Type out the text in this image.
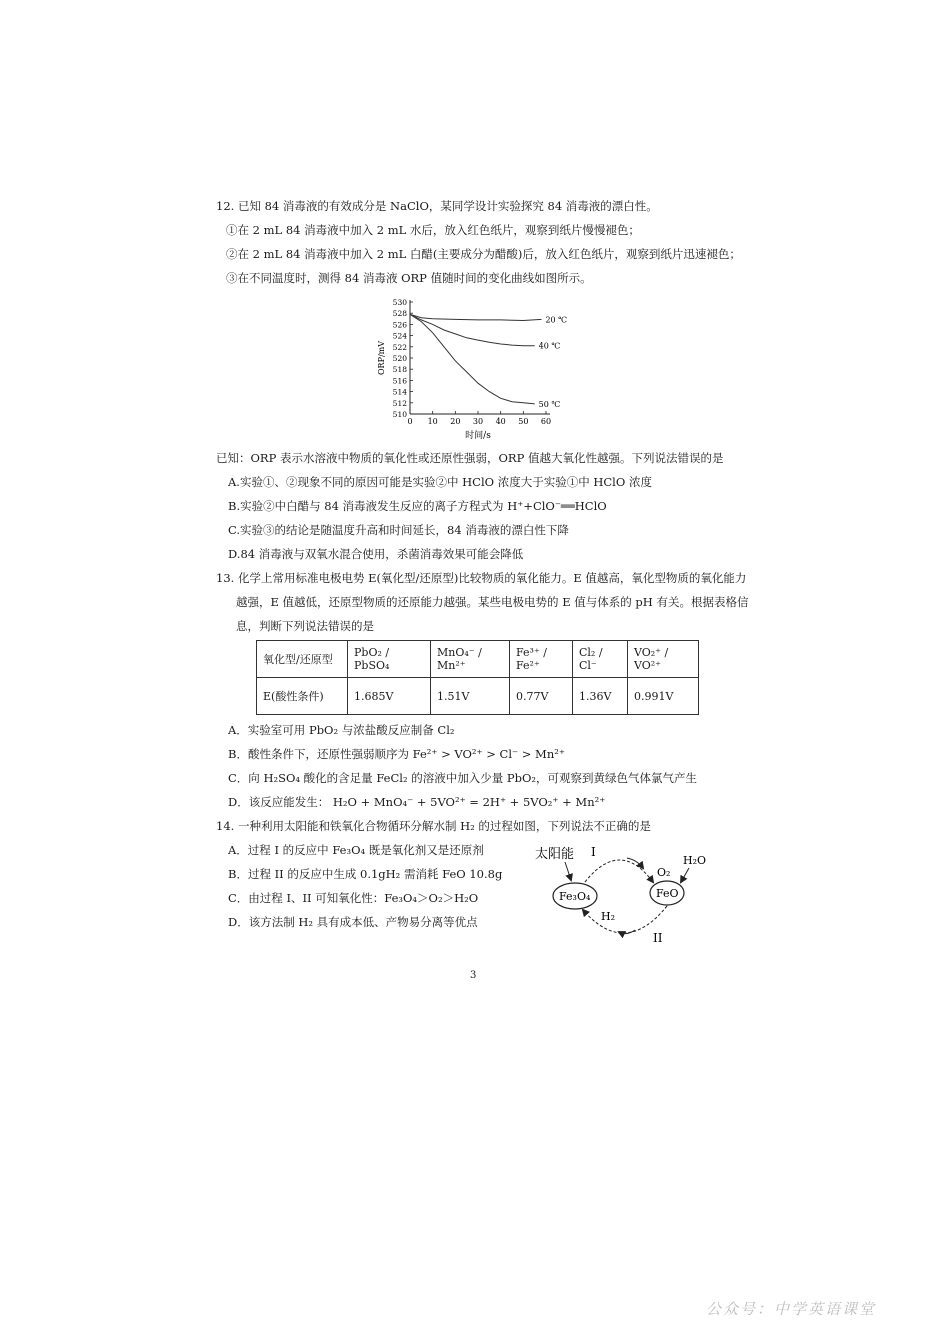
12. 已知 84 消毒液的有效成分是 NaClO，某同学设计实验探究 84 消毒液的漂白性。
①在 2 mL 84 消毒液中加入 2 mL 水后，放入红色纸片，观察到纸片慢慢褪色；
②在 2 mL 84 消毒液中加入 2 mL 白醋(主要成分为醋酸)后，放入红色纸片，观察到纸片迅速褪色；
③在不同温度时，测得 84 消毒液 ORP 值随时间的变化曲线如图所示。
0 10 20 30 40 50 60
510
512
514
516
518
520
522
524
526
528
530
时间/s
ORP/mV
20 ℃
40 ℃
50 ℃
已知：ORP 表示水溶液中物质的氧化性或还原性强弱，ORP 值越大氧化性越强。下列说法错误的是
A.实验①、②现象不同的原因可能是实验②中 HClO 浓度大于实验①中 HClO 浓度
B.实验②中白醋与 84 消毒液发生反应的离子方程式为 H⁺+ClO⁻══HClO
C.实验③的结论是随温度升高和时间延长，84 消毒液的漂白性下降
D.84 消毒液与双氧水混合使用，杀菌消毒效果可能会降低
13. 化学上常用标准电极电势 E(氧化型/还原型)比较物质的氧化能力。E 值越高，氧化型物质的氧化能力
越强，E 值越低，还原型物质的还原能力越强。某些电极电势的 E 值与体系的 pH 有关。根据表格信
息，判断下列说法错误的是
氧化型/还原型	PbO₂ / PbSO₄	MnO₄⁻ / Mn²⁺	Fe³⁺ / Fe²⁺	Cl₂ / Cl⁻	VO₂⁺ / VO²⁺
E(酸性条件)	1.685V	1.51V	0.77V	1.36V	0.991V
A．实验室可用 PbO₂ 与浓盐酸反应制备 Cl₂
B．酸性条件下，还原性强弱顺序为 Fe²⁺ > VO²⁺ > Cl⁻ > Mn²⁺
C．向 H₂SO₄ 酸化的含足量 FeCl₂ 的溶液中加入少量 PbO₂，可观察到黄绿色气体氯气产生
D．该反应能发生： H₂O + MnO₄⁻ + 5VO²⁺ = 2H⁺ + 5VO₂⁺ + Mn²⁺
14. 一种利用太阳能和铁氧化合物循环分解水制 H₂ 的过程如图，下列说法不正确的是
A．过程 I 的反应中 Fe₃O₄ 既是氧化剂又是还原剂
B．过程 II 的反应中生成 0.1gH₂ 需消耗 FeO 10.8g
C．由过程 I、II 可知氧化性：Fe₃O₄＞O₂＞H₂O
D．该方法制 H₂ 具有成本低、产物易分离等优点
太阳能 I
O₂
H₂O
H₂
II
Fe₃O₄	FeO
3
公众号：中学英语课堂
